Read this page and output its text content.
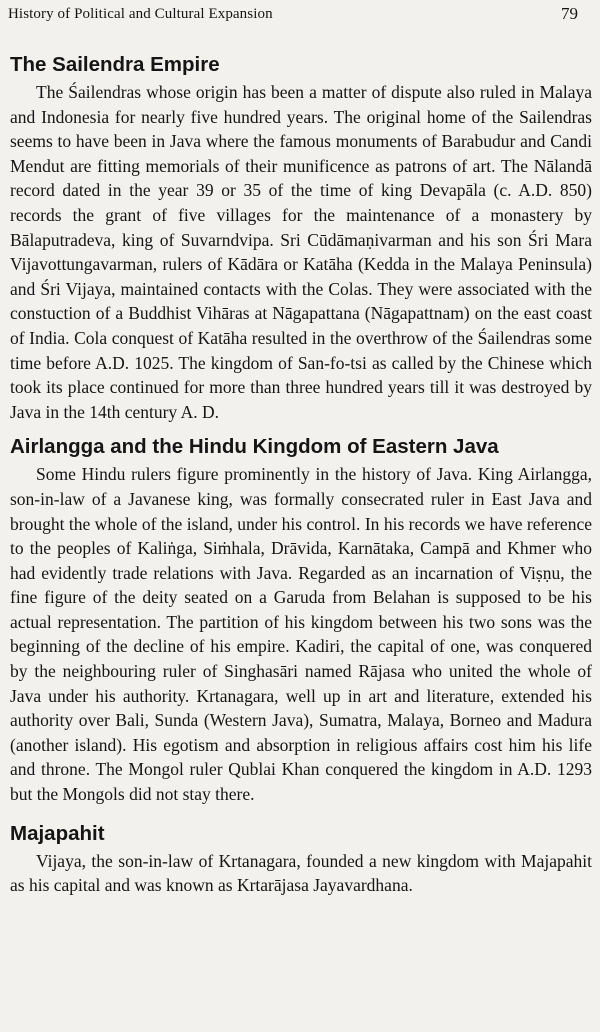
History of Political and Cultural Expansion	79
The Sailendra Empire

The Śailendras whose origin has been a matter of dispute also ruled in Malaya and Indonesia for nearly five hundred years. The original home of the Sailendras seems to have been in Java where the famous monuments of Barabudur and Candi Mendut are fitting memorials of their munificence as patrons of art. The Nālandā record dated in the year 39 or 35 of the time of king Devapāla (c. A.D. 850) records the grant of five villages for the maintenance of a monastery by Bālaputradeva, king of Suvarndvipa. Sri Cūdāmaṇivarman and his son Śri Mara Vijavottungavarman, rulers of Kādāra or Katāha (Kedda in the Malaya Peninsula) and Śri Vijaya, maintained contacts with the Colas. They were associated with the constuction of a Buddhist Vihāras at Nāgapattana (Nāgapattnam) on the east coast of India. Cola conquest of Katāha resulted in the overthrow of the Śailendras some time before A.D. 1025. The kingdom of San-fo-tsi as called by the Chinese which took its place continued for more than three hundred years till it was destroyed by Java in the 14th century A. D.

Airlangga and the Hindu Kingdom of Eastern Java

Some Hindu rulers figure prominently in the history of Java. King Airlangga, son-in-law of a Javanese king, was formally consecrated ruler in East Java and brought the whole of the island, under his control. In his records we have reference to the peoples of Kaliṅga, Siṁhala, Drāvida, Karnātaka, Campā and Khmer who had evidently trade relations with Java. Regarded as an incarnation of Viṣṇu, the fine figure of the deity seated on a Garuda from Belahan is supposed to be his actual representation. The partition of his kingdom between his two sons was the beginning of the decline of his empire. Kadiri, the capital of one, was conquered by the neighbouring ruler of Singhasāri named Rājasa who united the whole of Java under his authority. Krtanagara, well up in art and literature, extended his authority over Bali, Sunda (Western Java), Sumatra, Malaya, Borneo and Madura (another island). His egotism and absorption in religious affairs cost him his life and throne. The Mongol ruler Qublai Khan conquered the kingdom in A.D. 1293 but the Mongols did not stay there.

Majapahit

Vijaya, the son-in-law of Krtanagara, founded a new kingdom with Majapahit as his capital and was known as Krtarājasa Jayavardhana.
